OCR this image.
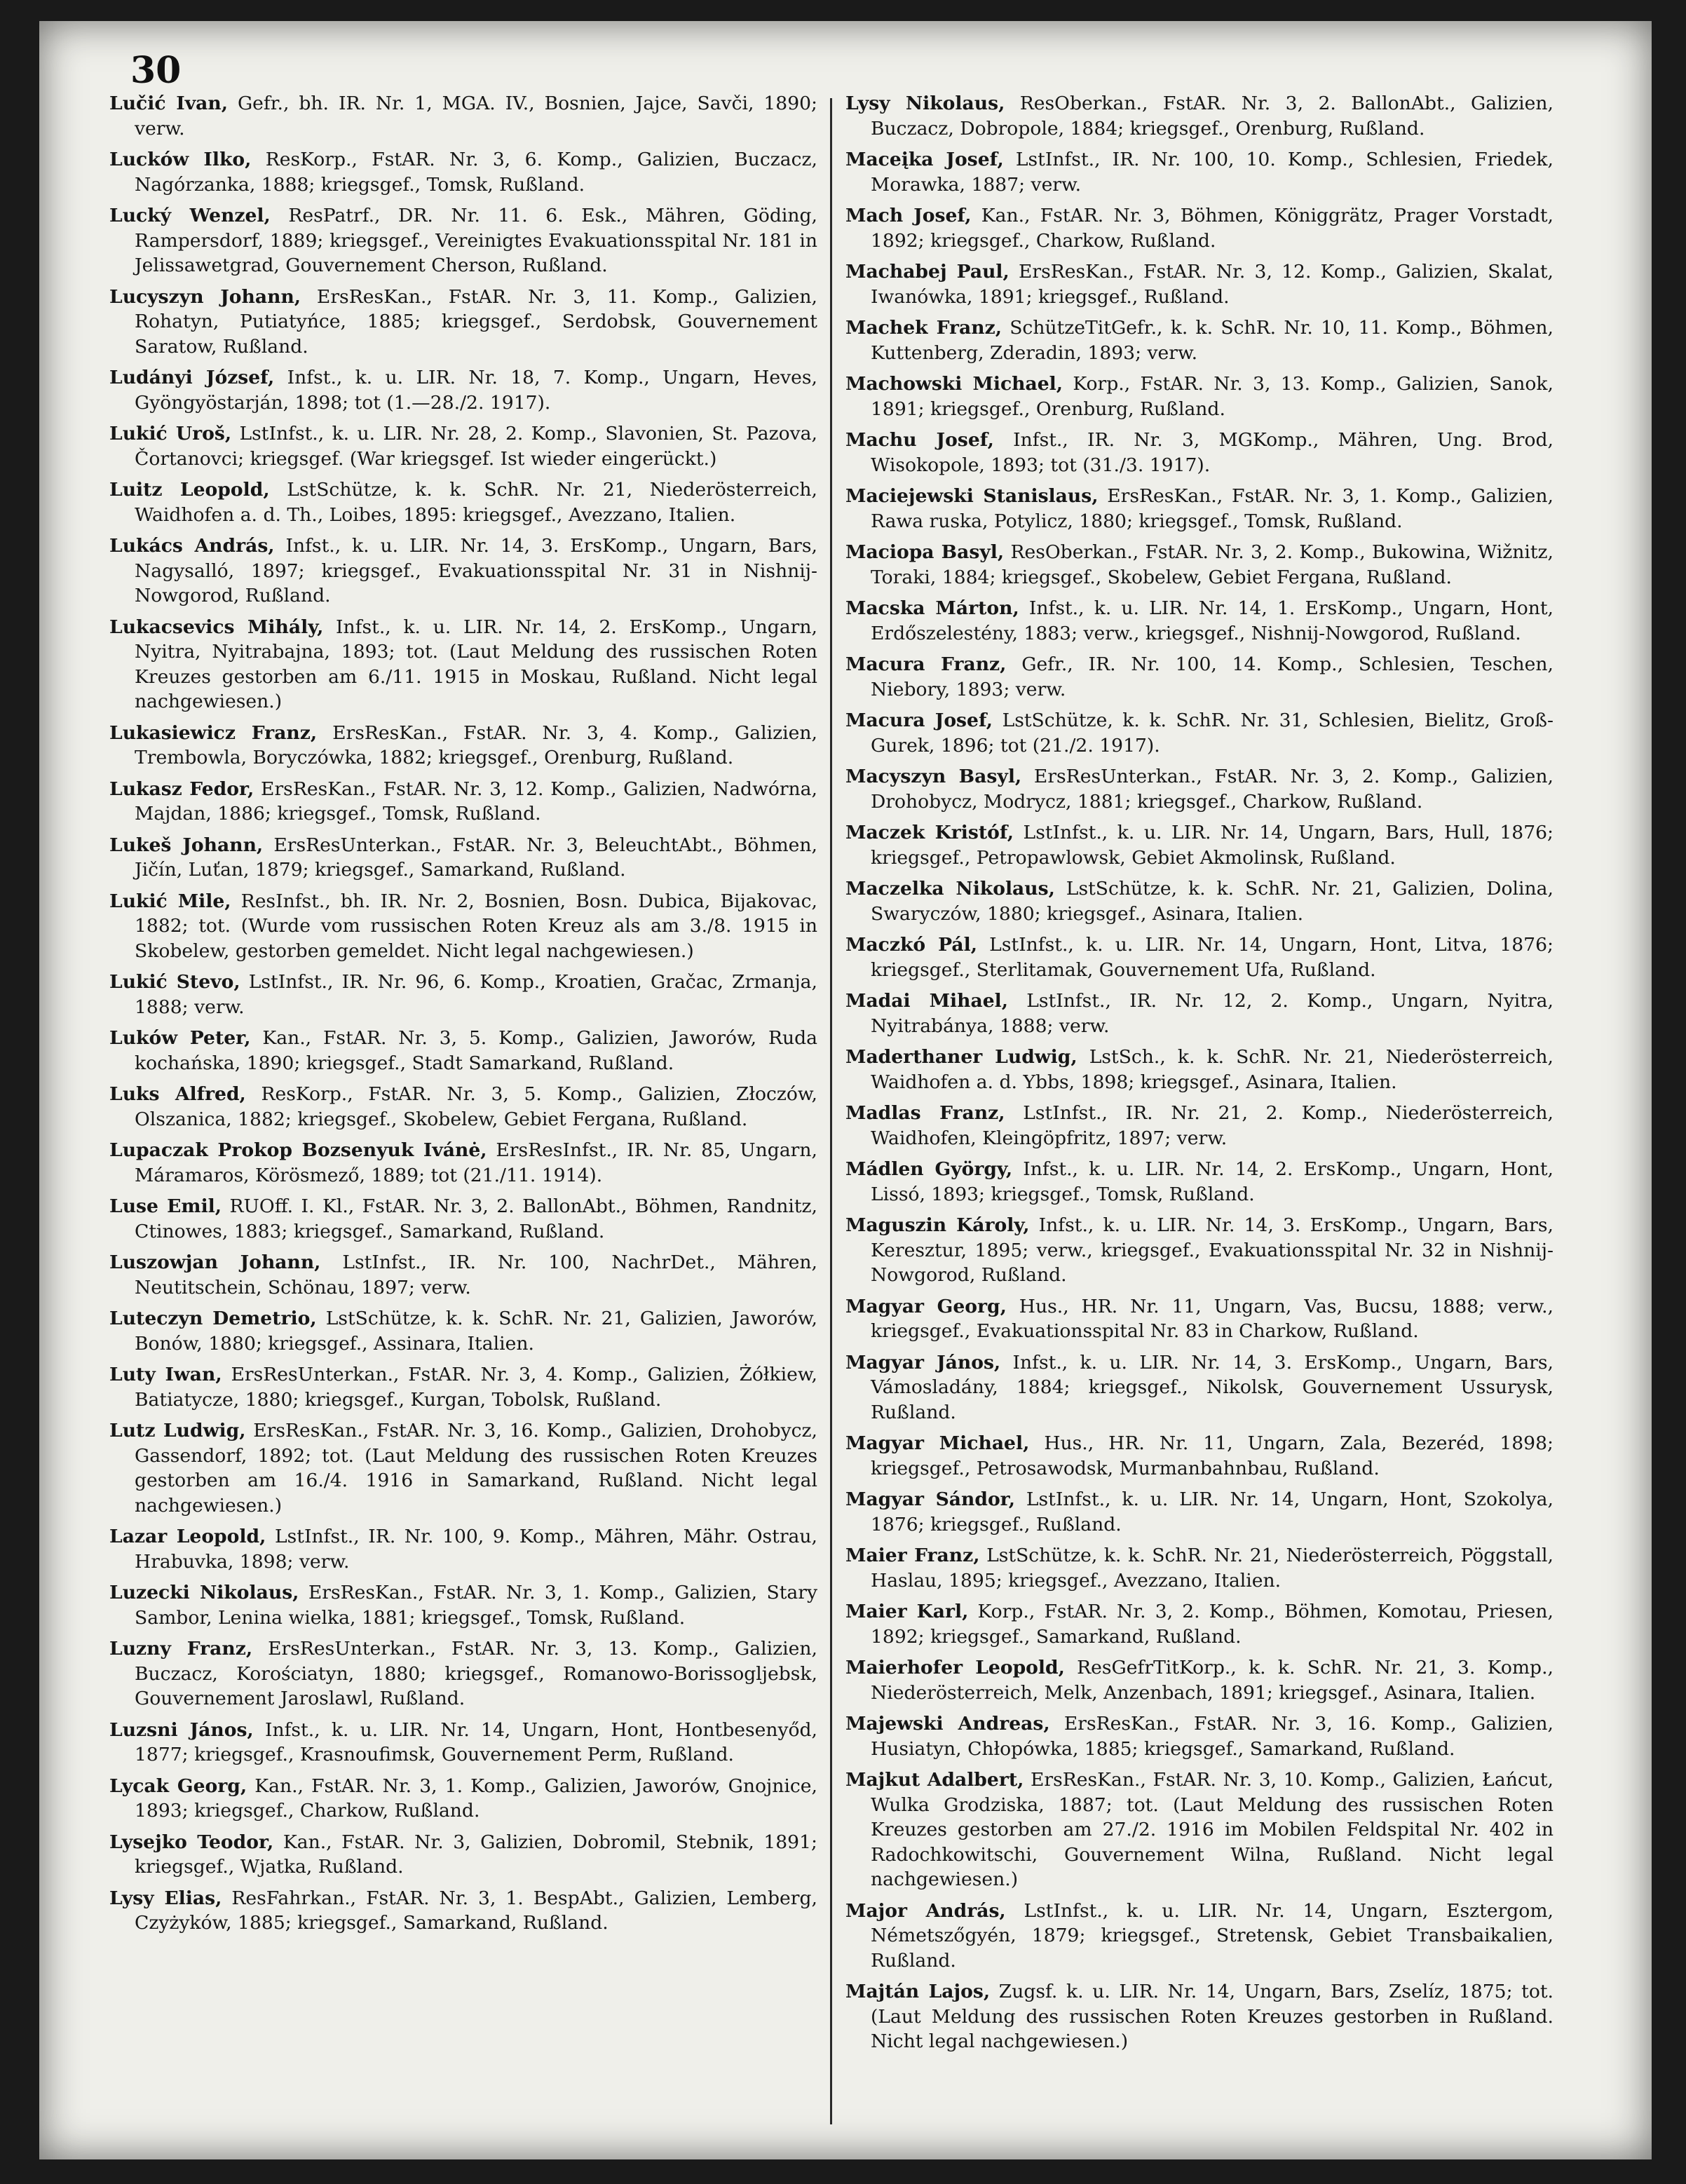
30

Lučić Ivan, Gefr., bh. IR. Nr. 1, MGA. IV., Bosnien, Jajce, Savči, 1890; verw.

Lucków Ilko, ResKorp., FstAR. Nr. 3, 6. Komp., Galizien, Buczacz, Nagórzanka, 1888; kriegsgef., Tomsk, Rußland.

Lucký Wenzel, ResPatrf., DR. Nr. 11. 6. Esk., Mähren, Göding, Rampersdorf, 1889; kriegsgef., Vereinigtes Evakuationsspital Nr. 181 in Jelissawetgrad, Gouvernement Cherson, Rußland.

Lucyszyn Johann, ErsResKan., FstAR. Nr. 3, 11. Komp., Galizien, Rohatyn, Putiatyńce, 1885; kriegsgef., Serdobsk, Gouvernement Saratow, Rußland.

Ludányi József, Infst., k. u. LIR. Nr. 18, 7. Komp., Ungarn, Heves, Gyöngyöstarján, 1898; tot (1.—28./2. 1917).

Lukić Uroš, LstInfst., k. u. LIR. Nr. 28, 2. Komp., Slavonien, St. Pazova, Čortanovci; kriegsgef. (War kriegsgef. Ist wieder eingerückt.)

Luitz Leopold, LstSchütze, k. k. SchR. Nr. 21, Niederösterreich, Waidhofen a. d. Th., Loibes, 1895: kriegsgef., Avezzano, Italien.

Lukács András, Infst., k. u. LIR. Nr. 14, 3. ErsKomp., Ungarn, Bars, Nagysalló, 1897; kriegsgef., Evakuationsspital Nr. 31 in Nishnij-Nowgorod, Rußland.

Lukacsevics Mihály, Infst., k. u. LIR. Nr. 14, 2. ErsKomp., Ungarn, Nyitra, Nyitrabajna, 1893; tot. (Laut Meldung des russischen Roten Kreuzes gestorben am 6./11. 1915 in Moskau, Rußland. Nicht legal nachgewiesen.)

Lukasiewicz Franz, ErsResKan., FstAR. Nr. 3, 4. Komp., Galizien, Trembowla, Boryczówka, 1882; kriegsgef., Orenburg, Rußland.

Lukasz Fedor, ErsResKan., FstAR. Nr. 3, 12. Komp., Galizien, Nadwórna, Majdan, 1886; kriegsgef., Tomsk, Rußland.

Lukeš Johann, ErsResUnterkan., FstAR. Nr. 3, BeleuchtAbt., Böhmen, Jičín, Luťan, 1879; kriegsgef., Samarkand, Rußland.

Lukić Mile, ResInfst., bh. IR. Nr. 2, Bosnien, Bosn. Dubica, Bijakovac, 1882; tot. (Wurde vom russischen Roten Kreuz als am 3./8. 1915 in Skobelew, gestorben gemeldet. Nicht legal nachgewiesen.)

Lukić Stevo, LstInfst., IR. Nr. 96, 6. Komp., Kroatien, Gračac, Zrmanja, 1888; verw.

Luków Peter, Kan., FstAR. Nr. 3, 5. Komp., Galizien, Jaworów, Ruda kochańska, 1890; kriegsgef., Stadt Samarkand, Rußland.

Luks Alfred, ResKorp., FstAR. Nr. 3, 5. Komp., Galizien, Złoczów, Olszanica, 1882; kriegsgef., Skobelew, Gebiet Fergana, Rußland.

Lupaczak Prokop Bozsenyuk Ivánė, ErsResInfst., IR. Nr. 85, Ungarn, Máramaros, Körösmező, 1889; tot (21./11. 1914).

Luse Emil, RUOff. I. Kl., FstAR. Nr. 3, 2. BallonAbt., Böhmen, Randnitz, Ctinowes, 1883; kriegsgef., Samarkand, Rußland.

Luszowjan Johann, LstInfst., IR. Nr. 100, NachrDet., Mähren, Neutitschein, Schönau, 1897; verw.

Luteczyn Demetrio, LstSchütze, k. k. SchR. Nr. 21, Galizien, Jaworów, Bonów, 1880; kriegsgef., Assinara, Italien.

Luty Iwan, ErsResUnterkan., FstAR. Nr. 3, 4. Komp., Galizien, Żółkiew, Batiatycze, 1880; kriegsgef., Kurgan, Tobolsk, Rußland.

Lutz Ludwig, ErsResKan., FstAR. Nr. 3, 16. Komp., Galizien, Drohobycz, Gassendorf, 1892; tot. (Laut Meldung des russischen Roten Kreuzes gestorben am 16./4. 1916 in Samarkand, Rußland. Nicht legal nachgewiesen.)

Lazar Leopold, LstInfst., IR. Nr. 100, 9. Komp., Mähren, Mähr. Ostrau, Hrabuvka, 1898; verw.

Luzecki Nikolaus, ErsResKan., FstAR. Nr. 3, 1. Komp., Galizien, Stary Sambor, Lenina wielka, 1881; kriegsgef., Tomsk, Rußland.

Luzny Franz, ErsResUnterkan., FstAR. Nr. 3, 13. Komp., Galizien, Buczacz, Korościatyn, 1880; kriegsgef., Romanowo-Borissogljebsk, Gouvernement Jaroslawl, Rußland.

Luzsni János, Infst., k. u. LIR. Nr. 14, Ungarn, Hont, Hontbesenyőd, 1877; kriegsgef., Krasnoufimsk, Gouvernement Perm, Rußland.

Lycak Georg, Kan., FstAR. Nr. 3, 1. Komp., Galizien, Jaworów, Gnojnice, 1893; kriegsgef., Charkow, Rußland.

Lysejko Teodor, Kan., FstAR. Nr. 3, Galizien, Dobromil, Stebnik, 1891; kriegsgef., Wjatka, Rußland.

Lysy Elias, ResFahrkan., FstAR. Nr. 3, 1. BespAbt., Galizien, Lemberg, Czyżyków, 1885; kriegsgef., Samarkand, Rußland.

Lysy Nikolaus, ResOberkan., FstAR. Nr. 3, 2. BallonAbt., Galizien, Buczacz, Dobropole, 1884; kriegsgef., Orenburg, Rußland.

Maceįka Josef, LstInfst., IR. Nr. 100, 10. Komp., Schlesien, Friedek, Morawka, 1887; verw.

Mach Josef, Kan., FstAR. Nr. 3, Böhmen, Königgrätz, Prager Vorstadt, 1892; kriegsgef., Charkow, Rußland.

Machabej Paul, ErsResKan., FstAR. Nr. 3, 12. Komp., Galizien, Skalat, Iwanówka, 1891; kriegsgef., Rußland.

Machek Franz, SchützeTitGefr., k. k. SchR. Nr. 10, 11. Komp., Böhmen, Kuttenberg, Zderadin, 1893; verw.

Machowski Michael, Korp., FstAR. Nr. 3, 13. Komp., Galizien, Sanok, 1891; kriegsgef., Orenburg, Rußland.

Machu Josef, Infst., IR. Nr. 3, MGKomp., Mähren, Ung. Brod, Wisokopole, 1893; tot (31./3. 1917).

Maciejewski Stanislaus, ErsResKan., FstAR. Nr. 3, 1. Komp., Galizien, Rawa ruska, Potylicz, 1880; kriegsgef., Tomsk, Rußland.

Maciopa Basyl, ResOberkan., FstAR. Nr. 3, 2. Komp., Bukowina, Wižnitz, Toraki, 1884; kriegsgef., Skobelew, Gebiet Fergana, Rußland.

Macska Márton, Infst., k. u. LIR. Nr. 14, 1. ErsKomp., Ungarn, Hont, Erdőszelestény, 1883; verw., kriegsgef., Nishnij-Nowgorod, Rußland.

Macura Franz, Gefr., IR. Nr. 100, 14. Komp., Schlesien, Teschen, Niebory, 1893; verw.

Macura Josef, LstSchütze, k. k. SchR. Nr. 31, Schlesien, Bielitz, Groß-Gurek, 1896; tot (21./2. 1917).

Macyszyn Basyl, ErsResUnterkan., FstAR. Nr. 3, 2. Komp., Galizien, Drohobycz, Modrycz, 1881; kriegsgef., Charkow, Rußland.

Maczek Kristóf, LstInfst., k. u. LIR. Nr. 14, Ungarn, Bars, Hull, 1876; kriegsgef., Petropawlowsk, Gebiet Akmolinsk, Rußland.

Maczelka Nikolaus, LstSchütze, k. k. SchR. Nr. 21, Galizien, Dolina, Swaryczów, 1880; kriegsgef., Asinara, Italien.

Maczkó Pál, LstInfst., k. u. LIR. Nr. 14, Ungarn, Hont, Litva, 1876; kriegsgef., Sterlitamak, Gouvernement Ufa, Rußland.

Madai Mihael, LstInfst., IR. Nr. 12, 2. Komp., Ungarn, Nyitra, Nyitrabánya, 1888; verw.

Maderthaner Ludwig, LstSch., k. k. SchR. Nr. 21, Niederösterreich, Waidhofen a. d. Ybbs, 1898; kriegsgef., Asinara, Italien.

Madlas Franz, LstInfst., IR. Nr. 21, 2. Komp., Niederösterreich, Waidhofen, Kleingöpfritz, 1897; verw.

Mádlen György, Infst., k. u. LIR. Nr. 14, 2. ErsKomp., Ungarn, Hont, Lissó, 1893; kriegsgef., Tomsk, Rußland.

Maguszin Károly, Infst., k. u. LIR. Nr. 14, 3. ErsKomp., Ungarn, Bars, Keresztur, 1895; verw., kriegsgef., Evakuationsspital Nr. 32 in Nishnij-Nowgorod, Rußland.

Magyar Georg, Hus., HR. Nr. 11, Ungarn, Vas, Bucsu, 1888; verw., kriegsgef., Evakuationsspital Nr. 83 in Charkow, Rußland.

Magyar János, Infst., k. u. LIR. Nr. 14, 3. ErsKomp., Ungarn, Bars, Vámosladány, 1884; kriegsgef., Nikolsk, Gouvernement Ussurysk, Rußland.

Magyar Michael, Hus., HR. Nr. 11, Ungarn, Zala, Bezeréd, 1898; kriegsgef., Petrosawodsk, Murmanbahnbau, Rußland.

Magyar Sándor, LstInfst., k. u. LIR. Nr. 14, Ungarn, Hont, Szokolya, 1876; kriegsgef., Rußland.

Maier Franz, LstSchütze, k. k. SchR. Nr. 21, Niederösterreich, Pöggstall, Haslau, 1895; kriegsgef., Avezzano, Italien.

Maier Karl, Korp., FstAR. Nr. 3, 2. Komp., Böhmen, Komotau, Priesen, 1892; kriegsgef., Samarkand, Rußland.

Maierhofer Leopold, ResGefrTitKorp., k. k. SchR. Nr. 21, 3. Komp., Niederösterreich, Melk, Anzenbach, 1891; kriegsgef., Asinara, Italien.

Majewski Andreas, ErsResKan., FstAR. Nr. 3, 16. Komp., Galizien, Husiatyn, Chłopówka, 1885; kriegsgef., Samarkand, Rußland.

Majkut Adalbert, ErsResKan., FstAR. Nr. 3, 10. Komp., Galizien, Łańcut, Wulka Grodziska, 1887; tot. (Laut Meldung des russischen Roten Kreuzes gestorben am 27./2. 1916 im Mobilen Feldspital Nr. 402 in Radochkowitschi, Gouvernement Wilna, Rußland. Nicht legal nachgewiesen.)

Major András, LstInfst., k. u. LIR. Nr. 14, Ungarn, Esztergom, Németszőgyén, 1879; kriegsgef., Stretensk, Gebiet Transbaikalien, Rußland.

Majtán Lajos, Zugsf. k. u. LIR. Nr. 14, Ungarn, Bars, Zselíz, 1875; tot. (Laut Meldung des russischen Roten Kreuzes gestorben in Rußland. Nicht legal nachgewiesen.)
